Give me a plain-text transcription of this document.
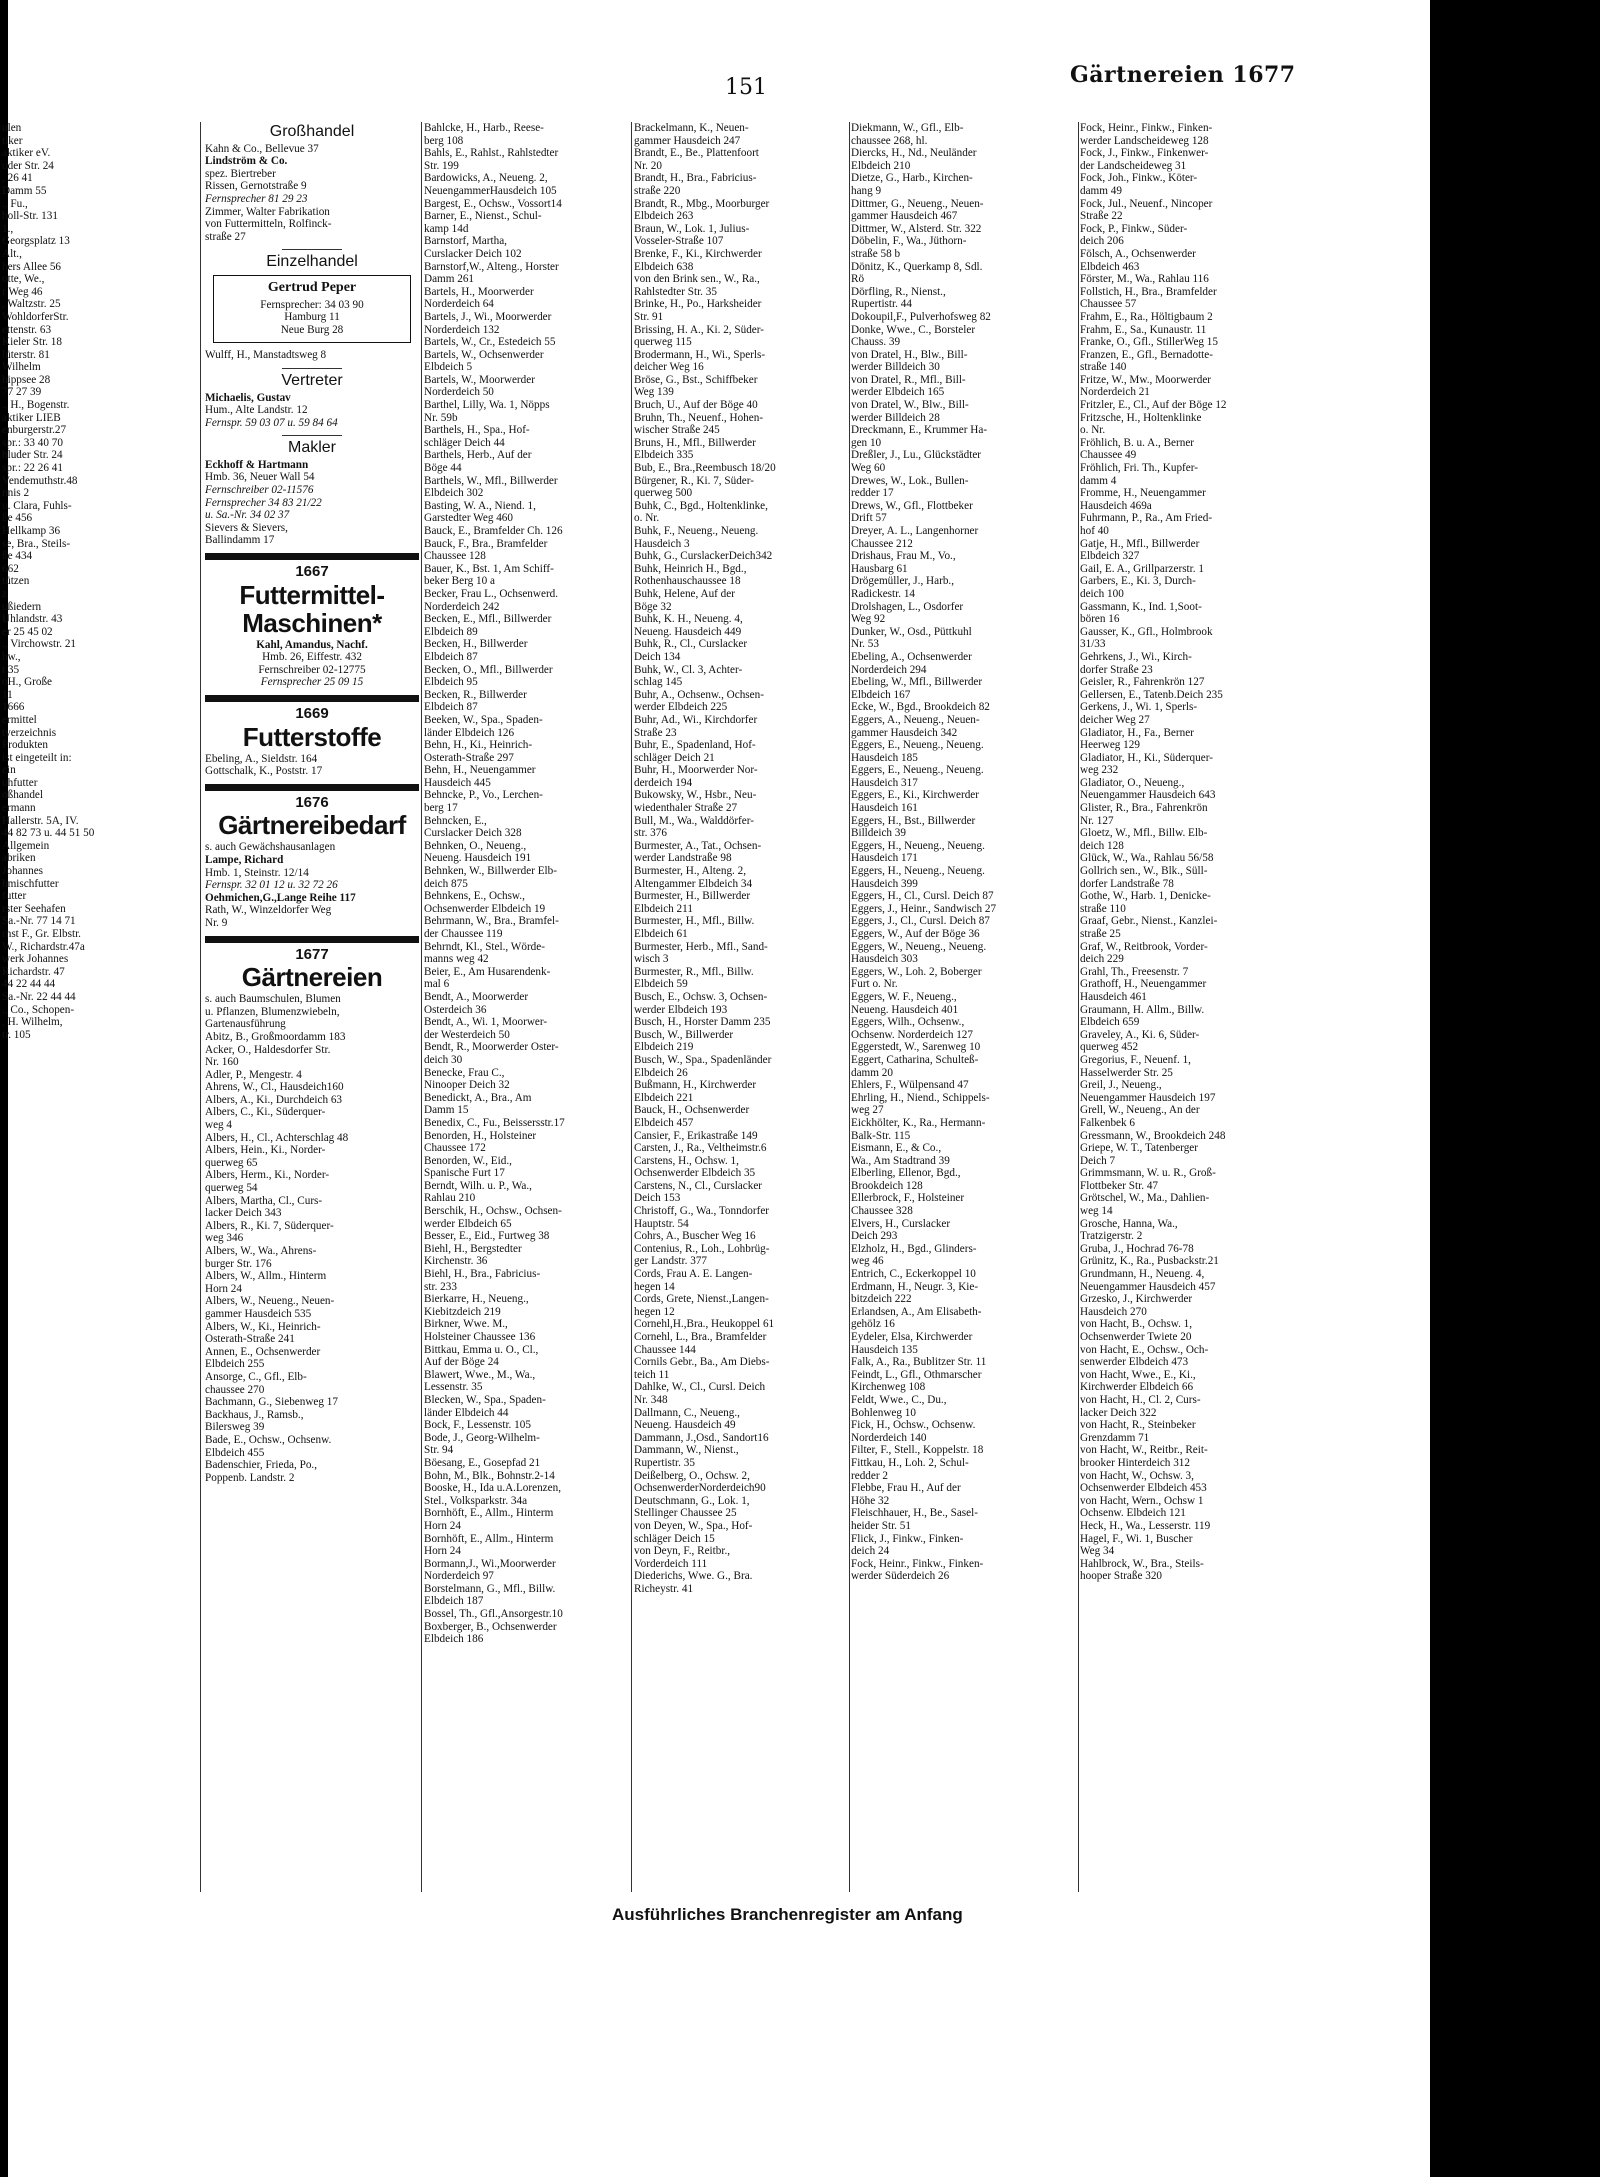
151	Gärtnereien 1677

ulen

tiker

aktiker eV.

uder Str. 24

, 26 41

Damm 55

., Fu.,

holl-Str. 131

1.,

Georgsplatz 13

Alt.,

hers Allee 56

otte, We.,

r Weg 46

, Waltzstr. 25

WohldorferStr.

ettenstr. 63

Kieler Str. 18

lüterstr. 81

Wilhelm

hippsee 28

77 27 39

., H., Bogenstr.

aktiker LIEB

enburgerstr.27

spr.: 33 40 70

hluder Str. 24

spr.: 22 26 41

Vendemuthstr.48

nnis 2

u. Clara, Fuhls-

ße 456

Hellkamp 36

se, Bra., Steils-

ße 434

662

tützen

z

ußiedern

Uhlandstr. 43

er 25 45 02

., Virchowstr. 21

hw.,

t 35

oH., Große

11

1666

ermittel

tverzeichnis

Produkten

ist eingeteilt in:

ein

uhfutter

oßhandel

ermann

Hallerstr. 5A, IV.

44 82 73 u. 44 51 50

Allgemein

abriken

Johannes

hmischfutter

futter

rster Seehafen

Sa.-Nr. 77 14 71

rnst F., Gr. Elbstr.

W., Richardstr.47a

werk Johannes

Richardstr. 47

44 22 44 44

Sa.-Nr. 22 44 44

., Co., Schopen-

, H. Wilhelm,

tr. 105

Großhandel

Kahn & Co., Bellevue 37

Lindström & Co.

spez. Biertreber

Rissen, Gernotstraße 9

Fernsprecher 81 29 23

Zimmer, Walter Fabrikation

von Futtermitteln, Rolfinck-

straße 27

Einzelhandel
Gertrud Peper

Fernsprecher: 34 03 90

Hamburg 11

Neue Burg 28

Wulff, H., Manstadtsweg 8

Vertreter

Michaelis, Gustav

Hum., Alte Landstr. 12

Fernspr. 59 03 07 u. 59 84 64

Makler

Eckhoff & Hartmann

Hmb. 36, Neuer Wall 54

Fernschreiber 02-11576

Fernsprecher 34 83 21/22

u. Sa.-Nr. 34 02 37

Sievers & Sievers,

Ballindamm 17

1667
Futtermittel-Maschinen*

Kahl, Amandus, Nachf.

Hmb. 26, Eiffestr. 432

Fernschreiber 02-12775

Fernsprecher 25 09 15

1669
Futterstoffe

Ebeling, A., Sieldstr. 164

Gottschalk, K., Poststr. 17

1676
Gärtnereibedarf

s. auch Gewächshausanlagen

Lampe, Richard

Hmb. 1, Steinstr. 12/14

Fernspr. 32 01 12 u. 32 72 26

Oehmichen,G.,Lange Reihe 117

Rath, W., Winzeldorfer Weg

Nr. 9

1677
Gärtnereien

s. auch Baumschulen, Blumen

u. Pflanzen, Blumenzwiebeln,

Gartenausführung

Abitz, B., Großmoordamm 183

Acker, O., Haldesdorfer Str.

Nr. 160

Adler, P., Mengestr. 4

Ahrens, W., Cl., Hausdeich160

Albers, A., Ki., Durchdeich 63

Albers, C., Ki., Süderquer-

weg 4

Albers, H., Cl., Achterschlag 48

Albers, Hein., Ki., Norder-

querweg 65

Albers, Herm., Ki., Norder-

querweg 54

Albers, Martha, Cl., Curs-

lacker Deich 343

Albers, R., Ki. 7, Süderquer-

weg 346

Albers, W., Wa., Ahrens-

burger Str. 176

Albers, W., Allm., Hinterm

Horn 24

Albers, W., Neueng., Neuen-

gammer Hausdeich 535

Albers, W., Ki., Heinrich-

Osterath-Straße 241

Annen, E., Ochsenwerder

Elbdeich 255

Ansorge, C., Gfl., Elb-

chaussee 270

Bachmann, G., Siebenweg 17

Backhaus, J., Ramsb.,

Bilersweg 39

Bade, E., Ochsw., Ochsenw.

Elbdeich 455

Badenschier, Frieda, Po.,

Poppenb. Landstr. 2

Bahlcke, H., Harb., Reese-

berg 108

Bahls, E., Rahlst., Rahlstedter

Str. 199

Bardowicks, A., Neueng. 2,

NeuengammerHausdeich 105

Bargest, E., Ochsw., Vossort14

Barner, E., Nienst., Schul-

kamp 14d

Barnstorf, Martha,

Curslacker Deich 102

Barnstorf,W., Alteng., Horster

Damm 261

Bartels, H., Moorwerder

Norderdeich 64

Bartels, J., Wi., Moorwerder

Norderdeich 132

Bartels, W., Cr., Estedeich 55

Bartels, W., Ochsenwerder

Elbdeich 5

Bartels, W., Moorwerder

Norderdeich 50

Barthel, Lilly, Wa. 1, Nöpps

Nr. 59b

Barthels, H., Spa., Hof-

schläger Deich 44

Barthels, Herb., Auf der

Böge 44

Barthels, W., Mfl., Billwerder

Elbdeich 302

Basting, W. A., Niend. 1,

Garstedter Weg 460

Bauck, E., Bramfelder Ch. 126

Bauck, F., Bra., Bramfelder

Chaussee 128

Bauer, K., Bst. 1, Am Schiff-

beker Berg 10 a

Becker, Frau L., Ochsenwerd.

Norderdeich 242

Becken, E., Mfl., Billwerder

Elbdeich 89

Becken, H., Billwerder

Elbdeich 87

Becken, O., Mfl., Billwerder

Elbdeich 95

Becken, R., Billwerder

Elbdeich 87

Beeken, W., Spa., Spaden-

länder Elbdeich 126

Behn, H., Ki., Heinrich-

Osterath-Straße 297

Behn, H., Neuengammer

Hausdeich 445

Behncke, P., Vo., Lerchen-

berg 17

Behncken, E.,

Curslacker Deich 328

Behnken, O., Neueng.,

Neueng. Hausdeich 191

Behnken, W., Billwerder Elb-

deich 875

Behnkens, E., Ochsw.,

Ochsenwerder Elbdeich 19

Behrmann, W., Bra., Bramfel-

der Chaussee 119

Behrndt, Kl., Stel., Wörde-

manns weg 42

Beier, E., Am Husarendenk-

mal 6

Bendt, A., Moorwerder

Osterdeich 36

Bendt, A., Wi. 1, Moorwer-

der Westerdeich 50

Bendt, R., Moorwerder Oster-

deich 30

Benecke, Frau C.,

Ninooper Deich 32

Benedickt, A., Bra., Am

Damm 15

Benedix, C., Fu., Beissersstr.17

Benorden, H., Holsteiner

Chaussee 172

Benorden, W., Eid.,

Spanische Furt 17

Berndt, Wilh. u. P., Wa.,

Rahlau 210

Berschik, H., Ochsw., Ochsen-

werder Elbdeich 65

Besser, E., Eid., Furtweg 38

Biehl, H., Bergstedter

Kirchenstr. 36

Biehl, H., Bra., Fabricius-

str. 233

Bierkarre, H., Neueng.,

Kiebitzdeich 219

Birkner, Wwe. M.,

Holsteiner Chaussee 136

Bittkau, Emma u. O., Cl.,

Auf der Böge 24

Blawert, Wwe., M., Wa.,

Lessenstr. 35

Blecken, W., Spa., Spaden-

länder Elbdeich 44

Bock, F., Lessenstr. 105

Bode, J., Georg-Wilhelm-

Str. 94

Böesang, E., Gosepfad 21

Bohn, M., Blk., Bohnstr.2-14

Booske, H., Ida u.A.Lorenzen,

Stel., Volksparkstr. 34a

Bornhöft, E., Allm., Hinterm

Horn 24

Bornhöft, E., Allm., Hinterm

Horn 24

Bormann,J., Wi.,Moorwerder

Norderdeich 97

Borstelmann, G., Mfl., Billw.

Elbdeich 187

Bossel, Th., Gfl.,Ansorgestr.10

Boxberger, B., Ochsenwerder

Elbdeich 186

Brackelmann, K., Neuen-

gammer Hausdeich 247

Brandt, E., Be., Plattenfoort

Nr. 20

Brandt, H., Bra., Fabricius-

straße 220

Brandt, R., Mbg., Moorburger

Elbdeich 263

Braun, W., Lok. 1, Julius-

Vosseler-Straße 107

Brenke, F., Ki., Kirchwerder

Elbdeich 638

von den Brink sen., W., Ra.,

Rahlstedter Str. 35

Brinke, H., Po., Harksheider

Str. 91

Brissing, H. A., Ki. 2, Süder-

querweg 115

Brodermann, H., Wi., Sperls-

deicher Weg 16

Bröse, G., Bst., Schiffbeker

Weg 139

Bruch, U., Auf der Böge 40

Bruhn, Th., Neuenf., Hohen-

wischer Straße 245

Bruns, H., Mfl., Billwerder

Elbdeich 335

Bub, E., Bra.,Reembusch 18/20

Bürgener, R., Ki. 7, Süder-

querweg 500

Buhk, C., Bgd., Holtenklinke,

o. Nr.

Buhk, F., Neueng., Neueng.

Hausdeich 3

Buhk, G., CurslackerDeich342

Buhk, Heinrich H., Bgd.,

Rothenhauschaussee 18

Buhk, Helene, Auf der

Böge 32

Buhk, K. H., Neueng. 4,

Neueng. Hausdeich 449

Buhk, R., Cl., Curslacker

Deich 134

Buhk, W., Cl. 3, Achter-

schlag 145

Buhr, A., Ochsenw., Ochsen-

werder Elbdeich 225

Buhr, Ad., Wi., Kirchdorfer

Straße 23

Buhr, E., Spadenland, Hof-

schläger Deich 21

Buhr, H., Moorwerder Nor-

derdeich 194

Bukowsky, W., Hsbr., Neu-

wiedenthaler Straße 27

Bull, M., Wa., Walddörfer-

str. 376

Burmester, A., Tat., Ochsen-

werder Landstraße 98

Burmester, H., Alteng. 2,

Altengammer Elbdeich 34

Burmester, H., Billwerder

Elbdeich 211

Burmester, H., Mfl., Billw.

Elbdeich 61

Burmester, Herb., Mfl., Sand-

wisch 3

Burmester, R., Mfl., Billw.

Elbdeich 59

Busch, E., Ochsw. 3, Ochsen-

werder Elbdeich 193

Busch, H., Horster Damm 235

Busch, W., Billwerder

Elbdeich 219

Busch, W., Spa., Spadenländer

Elbdeich 26

Bußmann, H., Kirchwerder

Elbdeich 221

Bauck, H., Ochsenwerder

Elbdeich 457

Cansier, F., Erikastraße 149

Carsten, J., Ra., Veltheimstr.6

Carstens, H., Ochsw. 1,

Ochsenwerder Elbdeich 35

Carstens, N., Cl., Curslacker

Deich 153

Christoff, G., Wa., Tonndorfer

Hauptstr. 54

Cohrs, A., Buscher Weg 16

Contenius, R., Loh., Lohbrüg-

ger Landstr. 377

Cords, Frau A. E. Langen-

hegen 14

Cords, Grete, Nienst.,Langen-

hegen 12

Cornehl,H.,Bra., Heukoppel 61

Cornehl, L., Bra., Bramfelder

Chaussee 144

Cornils Gebr., Ba., Am Diebs-

teich 11

Dahlke, W., Cl., Cursl. Deich

Nr. 348

Dallmann, C., Neueng.,

Neueng. Hausdeich 49

Dammann, J.,Osd., Sandort16

Dammann, W., Nienst.,

Rupertistr. 35

Deißelberg, O., Ochsw. 2,

OchsenwerderNorderdeich90

Deutschmann, G., Lok. 1,

Stellinger Chaussee 25

von Deyen, W., Spa., Hof-

schläger Deich 15

von Deyn, F., Reitbr.,

Vorderdeich 111

Diederichs, Wwe. G., Bra.

Richeystr. 41

Diekmann, W., Gfl., Elb-

chaussee 268, hl.

Diercks, H., Nd., Neuländer

Elbdeich 210

Dietze, G., Harb., Kirchen-

hang 9

Dittmer, G., Neueng., Neuen-

gammer Hausdeich 467

Dittmer, W., Alsterd. Str. 322

Döbelin, F., Wa., Jüthorn-

straße 58 b

Dönitz, K., Querkamp 8, Sdl.

Rö

Dörfling, R., Nienst.,

Rupertistr. 44

Dokoupil,F., Pulverhofsweg 82

Donke, Wwe., C., Borsteler

Chauss. 39

von Dratel, H., Blw., Bill-

werder Billdeich 30

von Dratel, R., Mfl., Bill-

werder Elbdeich 165

von Dratel, W., Blw., Bill-

werder Billdeich 28

Dreckmann, E., Krummer Ha-

gen 10

Dreßler, J., Lu., Glückstädter

Weg 60

Drewes, W., Lok., Bullen-

redder 17

Drews, W., Gfl., Flottbeker

Drift 57

Dreyer, A. L., Langenhorner

Chaussee 212

Drishaus, Frau M., Vo.,

Hausbarg 61

Drögemüller, J., Harb.,

Radickestr. 14

Drolshagen, L., Osdorfer

Weg 92

Dunker, W., Osd., Püttkuhl

Nr. 53

Ebeling, A., Ochsenwerder

Norderdeich 294

Ebeling, W., Mfl., Billwerder

Elbdeich 167

Ecke, W., Bgd., Brookdeich 82

Eggers, A., Neueng., Neuen-

gammer Hausdeich 342

Eggers, E., Neueng., Neueng.

Hausdeich 185

Eggers, E., Neueng., Neueng.

Hausdeich 317

Eggers, E., Ki., Kirchwerder

Hausdeich 161

Eggers, H., Bst., Billwerder

Billdeich 39

Eggers, H., Neueng., Neueng.

Hausdeich 171

Eggers, H., Neueng., Neueng.

Hausdeich 399

Eggers, H., Cl., Cursl. Deich 87

Eggers, J., Heinr., Sandwisch 27

Eggers, J., Cl., Cursl. Deich 87

Eggers, W., Auf der Böge 36

Eggers, W., Neueng., Neueng.

Hausdeich 303

Eggers, W., Loh. 2, Boberger

Furt o. Nr.

Eggers, W. F., Neueng.,

Neueng. Hausdeich 401

Eggers, Wilh., Ochsenw.,

Ochsenw. Norderdeich 127

Eggerstedt, W., Sarenweg 10

Eggert, Catharina, Schulteß-

damm 20

Ehlers, F., Wülpensand 47

Ehrling, H., Niend., Schippels-

weg 27

Eickhölter, K., Ra., Hermann-

Balk-Str. 115

Eismann, E., & Co.,

Wa., Am Stadtrand 39

Elberling, Ellenor, Bgd.,

Brookdeich 128

Ellerbrock, F., Holsteiner

Chaussee 328

Elvers, H., Curslacker

Deich 293

Elzholz, H., Bgd., Glinders-

weg 46

Entrich, C., Eckerkoppel 10

Erdmann, H., Neugr. 3, Kie-

bitzdeich 222

Erlandsen, A., Am Elisabeth-

gehölz 16

Eydeler, Elsa, Kirchwerder

Hausdeich 135

Falk, A., Ra., Bublitzer Str. 11

Feindt, L., Gfl., Othmarscher

Kirchenweg 108

Feldt, Wwe., C., Du.,

Bohlenweg 10

Fick, H., Ochsw., Ochsenw.

Norderdeich 140

Filter, F., Stell., Koppelstr. 18

Fittkau, H., Loh. 2, Schul-

redder 2

Flebbe, Frau H., Auf der

Höhe 32

Fleischhauer, H., Be., Sasel-

heider Str. 51

Flick, J., Finkw., Finken-

deich 24

Fock, Heinr., Finkw., Finken-

werder Süderdeich 26

Fock, Heinr., Finkw., Finken-

werder Landscheideweg 128

Fock, J., Finkw., Finkenwer-

der Landscheideweg 31

Fock, Joh., Finkw., Köter-

damm 49

Fock, Jul., Neuenf., Nincoper

Straße 22

Fock, P., Finkw., Süder-

deich 206

Fölsch, A., Ochsenwerder

Elbdeich 463

Förster, M., Wa., Rahlau 116

Follstich, H., Bra., Bramfelder

Chaussee 57

Frahm, E., Ra., Höltigbaum 2

Frahm, E., Sa., Kunaustr. 11

Franke, O., Gfl., StillerWeg 15

Franzen, E., Gfl., Bernadotte-

straße 140

Fritze, W., Mw., Moorwerder

Norderdeich 21

Fritzler, E., Cl., Auf der Böge 12

Fritzsche, H., Holtenklinke

o. Nr.

Fröhlich, B. u. A., Berner

Chaussee 49

Fröhlich, Fri. Th., Kupfer-

damm 4

Fromme, H., Neuengammer

Hausdeich 469a

Fuhrmann, P., Ra., Am Fried-

hof 40

Gatje, H., Mfl., Billwerder

Elbdeich 327

Gail, E. A., Grillparzerstr. 1

Garbers, E., Ki. 3, Durch-

deich 100

Gassmann, K., Ind. 1,Soot-

bören 16

Gausser, K., Gfl., Holmbrook

31/33

Gehrkens, J., Wi., Kirch-

dorfer Straße 23

Geisler, R., Fahrenkrön 127

Gellersen, E., Tatenb.Deich 235

Gerkens, J., Wi. 1, Sperls-

deicher Weg 27

Gladiator, H., Fa., Berner

Heerweg 129

Gladiator, H., Ki., Süderquer-

weg 232

Gladiator, O., Neueng.,

Neuengammer Hausdeich 643

Glister, R., Bra., Fahrenkrön

Nr. 127

Gloetz, W., Mfl., Billw. Elb-

deich 128

Glück, W., Wa., Rahlau 56/58

Gollrich sen., W., Blk., Süll-

dorfer Landstraße 78

Gothe, W., Harb. 1, Denicke-

straße 110

Graaf, Gebr., Nienst., Kanzlei-

straße 25

Graf, W., Reitbrook, Vorder-

deich 229

Grahl, Th., Freesenstr. 7

Grathoff, H., Neuengammer

Hausdeich 461

Graumann, H. Allm., Billw.

Elbdeich 659

Graveley, A., Ki. 6, Süder-

querweg 452

Gregorius, F., Neuenf. 1,

Hasselwerder Str. 25

Greil, J., Neueng.,

Neuengammer Hausdeich 197

Grell, W., Neueng., An der

Falkenbek 6

Gressmann, W., Brookdeich 248

Griepe, W. T., Tatenberger

Deich 7

Grimmsmann, W. u. R., Groß-

Flottbeker Str. 47

Grötschel, W., Ma., Dahlien-

weg 14

Grosche, Hanna, Wa.,

Tratzigerstr. 2

Gruba, J., Hochrad 76-78

Grünitz, K., Ra., Pusbackstr.21

Grundmann, H., Neueng. 4,

Neuengammer Hausdeich 457

Grzesko, J., Kirchwerder

Hausdeich 270

von Hacht, B., Ochsw. 1,

Ochsenwerder Twiete 20

von Hacht, E., Ochsw., Och-

senwerder Elbdeich 473

von Hacht, Wwe., E., Ki.,

Kirchwerder Elbdeich 66

von Hacht, H., Cl. 2, Curs-

lacker Deich 322

von Hacht, R., Steinbeker

Grenzdamm 71

von Hacht, W., Reitbr., Reit-

brooker Hinterdeich 312

von Hacht, W., Ochsw. 3,

Ochsenwerder Elbdeich 453

von Hacht, Wern., Ochsw 1

Ochsenw. Elbdeich 121

Heck, H., Wa., Lesserstr. 119

Hagel, F., Wi. 1, Buscher

Weg 34

Hahlbrock, W., Bra., Steils-

hooper Straße 320

Ausführliches Branchenregister am Anfang
